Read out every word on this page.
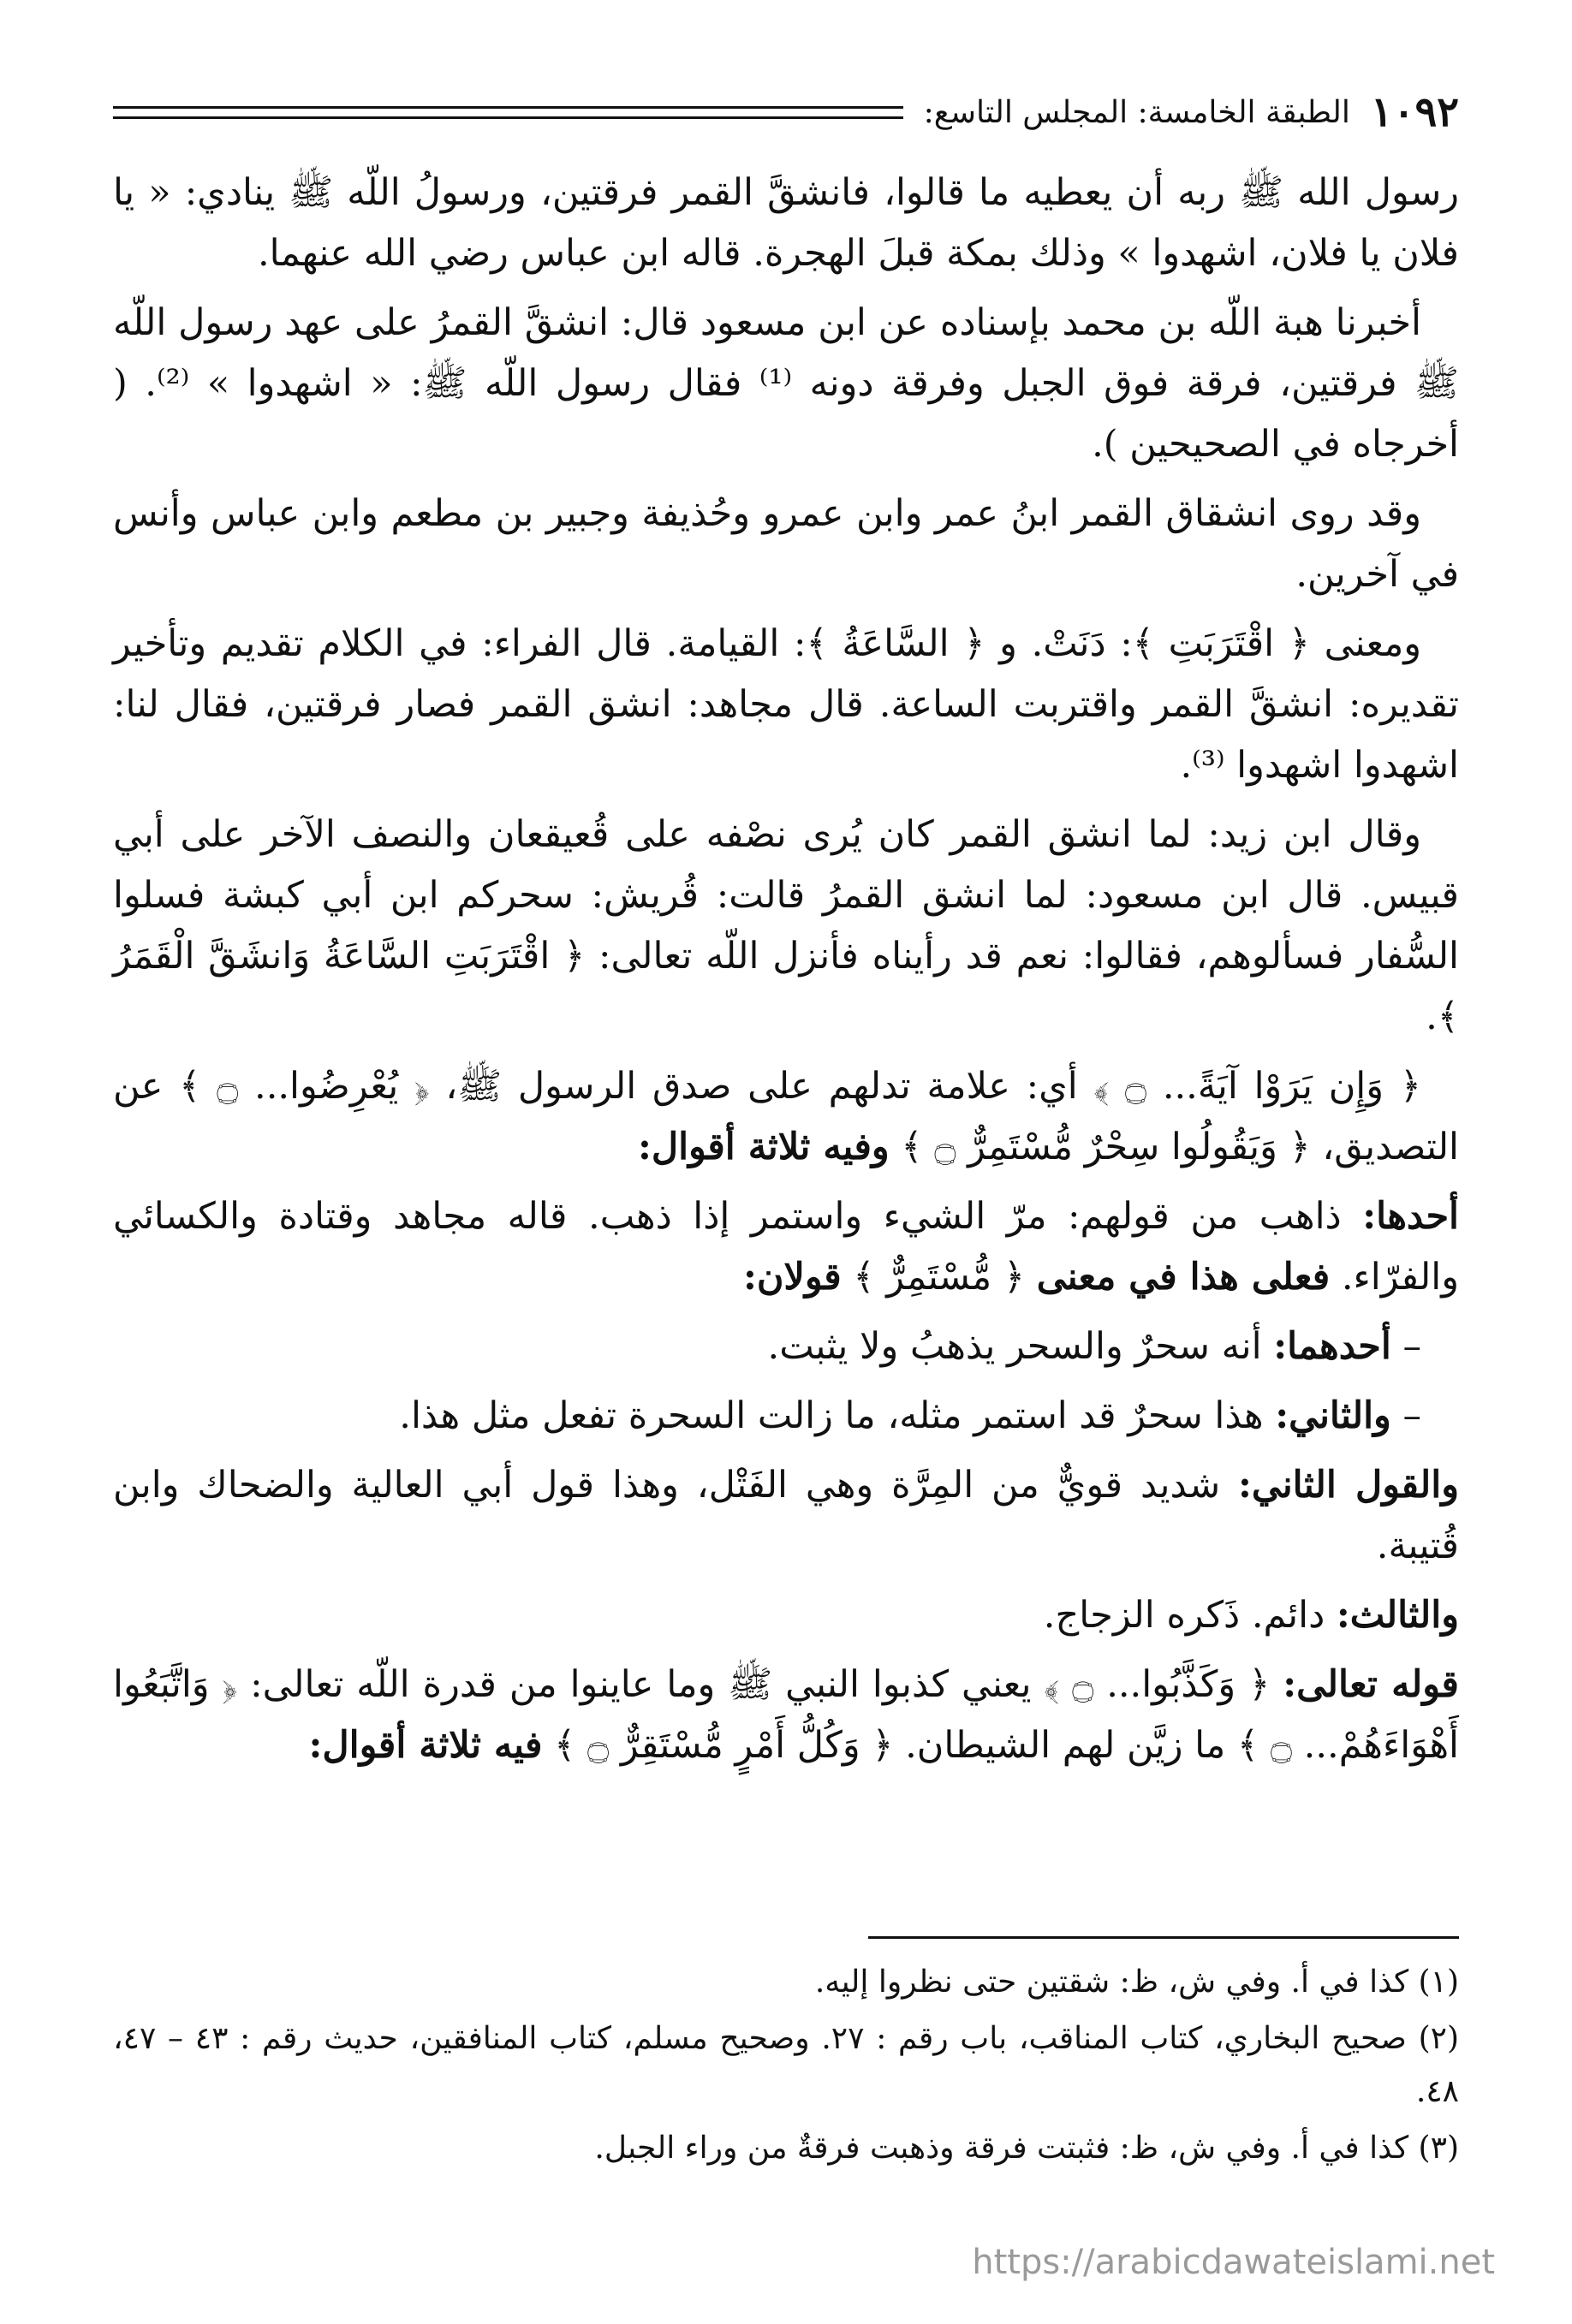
١٠٩٢
الطبقة الخامسة: المجلس التاسع:

رسول الله ﷺ ربه أن يعطيه ما قالوا، فانشقَّ القمر فرقتين، ورسولُ اللّه ﷺ ينادي: « يا فلان يا فلان، اشهدوا » وذلك بمكة قبلَ الهجرة. قاله ابن عباس رضي الله عنهما.

أخبرنا هبة اللّه بن محمد بإسناده عن ابن مسعود قال: انشقَّ القمرُ على عهد رسول اللّه ﷺ فرقتين، فرقة فوق الجبل وفرقة دونه ⁽¹⁾ فقال رسول اللّه ﷺ: « اشهدوا » ⁽²⁾. ( أخرجاه في الصحيحين ).

وقد روى انشقاق القمر ابنُ عمر وابن عمرو وحُذيفة وجبير بن مطعم وابن عباس وأنس في آخرين.

ومعنى ﴿ اقْتَرَبَتِ ﴾: دَنَتْ. و ﴿ السَّاعَةُ ﴾: القيامة. قال الفراء: في الكلام تقديم وتأخير تقديره: انشقَّ القمر واقتربت الساعة. قال مجاهد: انشق القمر فصار فرقتين، فقال لنا: اشهدوا اشهدوا ⁽³⁾.

وقال ابن زيد: لما انشق القمر كان يُرى نصْفه على قُعيقعان والنصف الآخر على أبي قبيس. قال ابن مسعود: لما انشق القمرُ قالت: قُريش: سحركم ابن أبي كبشة فسلوا السُّفار فسألوهم، فقالوا: نعم قد رأيناه فأنزل اللّه تعالى: ﴿ اقْتَرَبَتِ السَّاعَةُ وَانشَقَّ الْقَمَرُ ﴾.

﴿ وَإِن يَرَوْا آيَةً... ۝ ﴾ أي: علامة تدلهم على صدق الرسول ﷺ، ﴿ يُعْرِضُوا... ۝ ﴾ عن التصديق، ﴿ وَيَقُولُوا سِحْرٌ مُّسْتَمِرٌّ ۝ ﴾ وفيه ثلاثة أقوال:

أحدها: ذاهب من قولهم: مرّ الشيء واستمر إذا ذهب. قاله مجاهد وقتادة والكسائي والفرّاء. فعلى هذا في معنى ﴿ مُّسْتَمِرٌّ ﴾ قولان:

– أحدهما: أنه سحرٌ والسحر يذهبُ ولا يثبت.

– والثاني: هذا سحرٌ قد استمر مثله، ما زالت السحرة تفعل مثل هذا.

والقول الثاني: شديد قويٌّ من المِرَّة وهي الفَتْل، وهذا قول أبي العالية والضحاك وابن قُتيبة.

والثالث: دائم. ذَكره الزجاج.

قوله تعالى: ﴿ وَكَذَّبُوا... ۝ ﴾ يعني كذبوا النبي ﷺ وما عاينوا من قدرة اللّه تعالى: ﴿ وَاتَّبَعُوا أَهْوَاءَهُمْ... ۝ ﴾ ما زيَّن لهم الشيطان. ﴿ وَكُلُّ أَمْرٍ مُّسْتَقِرٌّ ۝ ﴾ فيه ثلاثة أقوال:

(١) كذا في أ. وفي ش، ظ: شقتين حتى نظروا إليه.

(٢) صحيح البخاري، كتاب المناقب، باب رقم : ٢٧. وصحيح مسلم، كتاب المنافقين، حديث رقم : ٤٣ – ٤٧، ٤٨.

(٣) كذا في أ. وفي ش، ظ: فثبتت فرقة وذهبت فرقةٌ من وراء الجبل.

https://arabicdawateislami.net
